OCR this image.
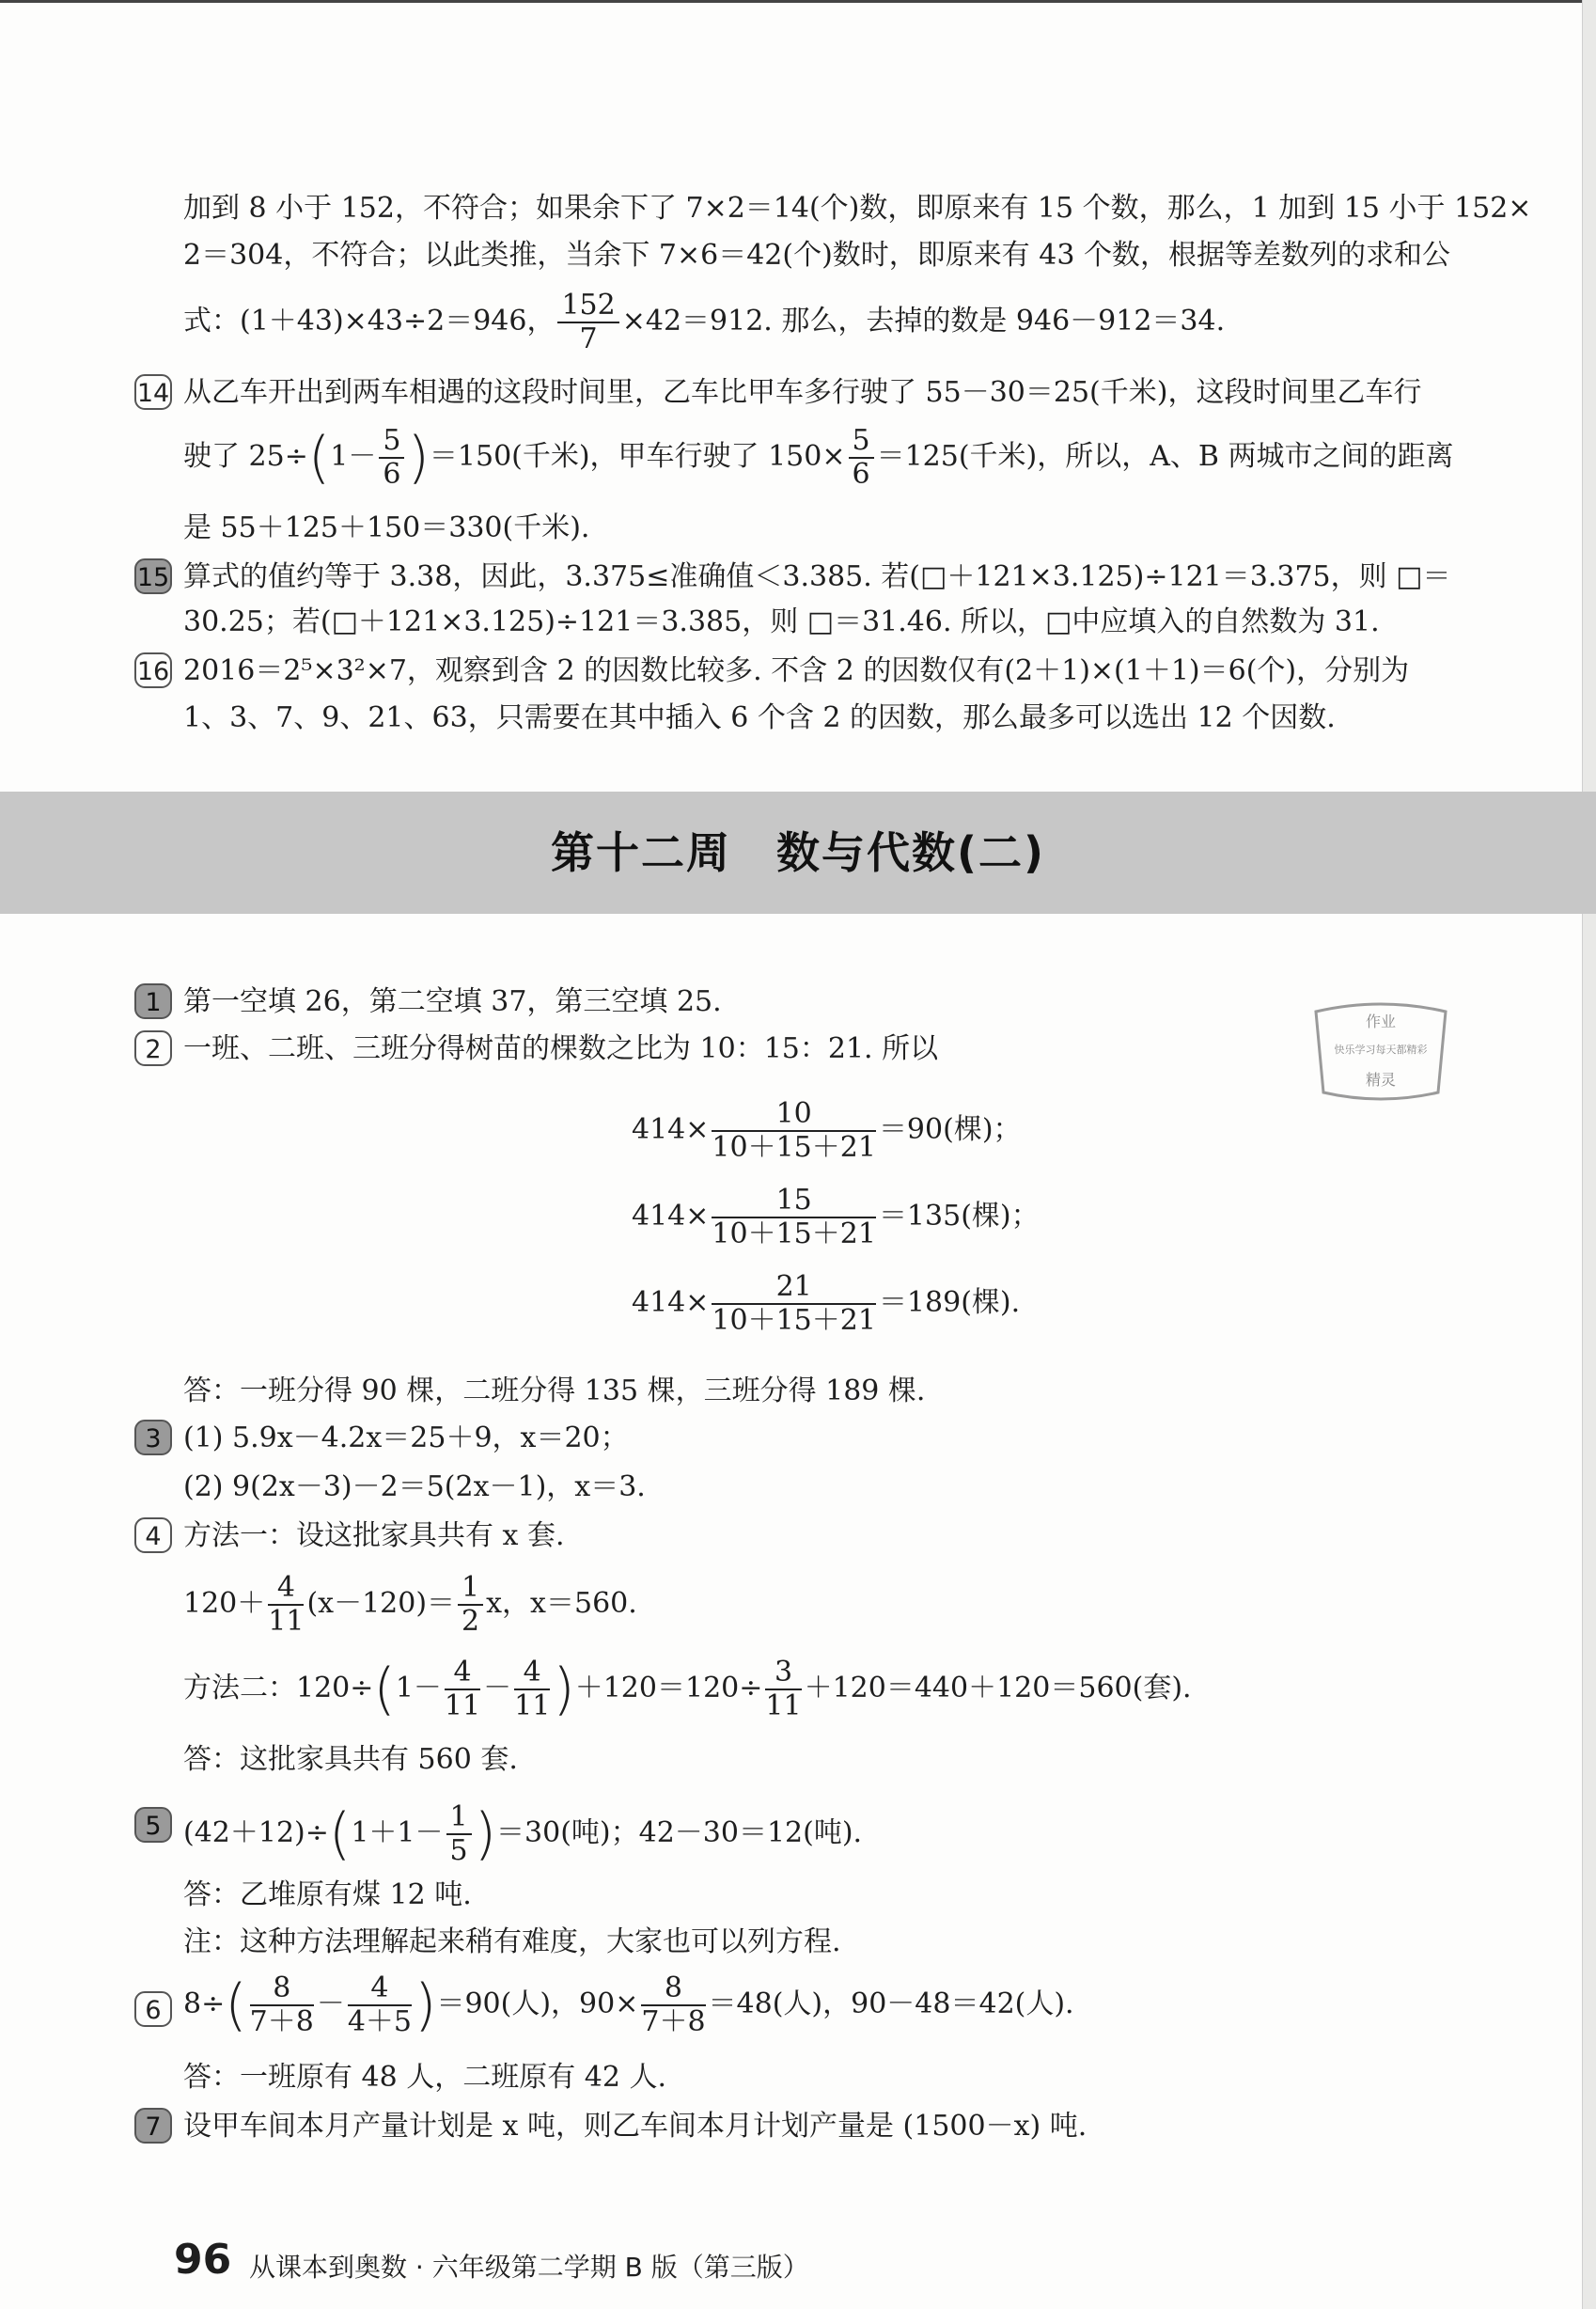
加到 8 小于 152，不符合；如果余下了 7×2＝14(个)数，即原来有 15 个数，那么，1 加到 15 小于 152×
2＝304，不符合；以此类推，当余下 7×6＝42(个)数时，即原来有 43 个数，根据等差数列的求和公
式：(1＋43)×43÷2＝946， $\frac{152}{7} \times 42=912$. 那么，去掉的数是 946－912＝34.
14 从乙车开出到两车相遇的这段时间里，乙车比甲车多行驶了 55－30＝25(千米)，这段时间里乙车行
驶了 $25\div(1- \frac{5}{6} )=150$(千米)，甲车行驶了 $150\times \frac{5}{6} =125$(千米)，所以，A、B 两城市之间的距离
是 55＋125＋150＝330(千米).
15 算式的值约等于 3.38，因此，3.375≤准确值＜3.385. 若(□＋121×3.125)÷121＝3.375，则 □＝
30.25；若(□＋121×3.125)÷121＝3.385，则 □＝31.46. 所以，□中应填入的自然数为 31.
16 2016＝2⁵×3²×7，观察到含 2 的因数比较多. 不含 2 的因数仅有(2＋1)×(1＋1)＝6(个)，分别为
1、3、7、9、21、63，只需要在其中插入 6 个含 2 的因数，那么最多可以选出 12 个因数.
第十二周　数与代数(二)
1 第一空填 26，第二空填 37，第三空填 25.
2 一班、二班、三班分得树苗的棵数之比为 10：15：21. 所以
$414\times \frac{10}{10+15+21} =90$(棵)；
$414\times \frac{15}{10+15+21} =135$(棵)；
$414\times \frac{21}{10+15+21} =189$(棵).
答：一班分得 90 棵，二班分得 135 棵，三班分得 189 棵.
3 (1) 5.9x－4.2x＝25＋9，x＝20；
(2) 9(2x－3)－2＝5(2x－1)，x＝3.
4 方法一：设这批家具共有 x 套.
$120+ \frac{4}{11} (x-120)= \frac{1}{2}$ x，x＝560.
方法二：$120\div(1- \frac{4}{11} - \frac{4}{11} )+120=120\div \frac{3}{11} +120=440+120=560$(套).
答：这批家具共有 560 套.
$(42+12)\div(1+1- \frac{1}{5} )=30$(吨)；42－30＝12(吨).
5
答：乙堆原有煤 12 吨.
注：这种方法理解起来稍有难度，大家也可以列方程.
6 $8\div( \frac{8}{7+8} - \frac{4}{4+5} )=90$(人)，$90\times \frac{8}{7+8} =48$(人)，90－48＝42(人).
答：一班原有 48 人，二班原有 42 人.
7 设甲车间本月产量计划是 x 吨，则乙车间本月计划产量是 (1500－x) 吨.
作业
快乐学习每天都精彩
精灵
96 从课本到奥数 · 六年级第二学期 B 版（第三版）
